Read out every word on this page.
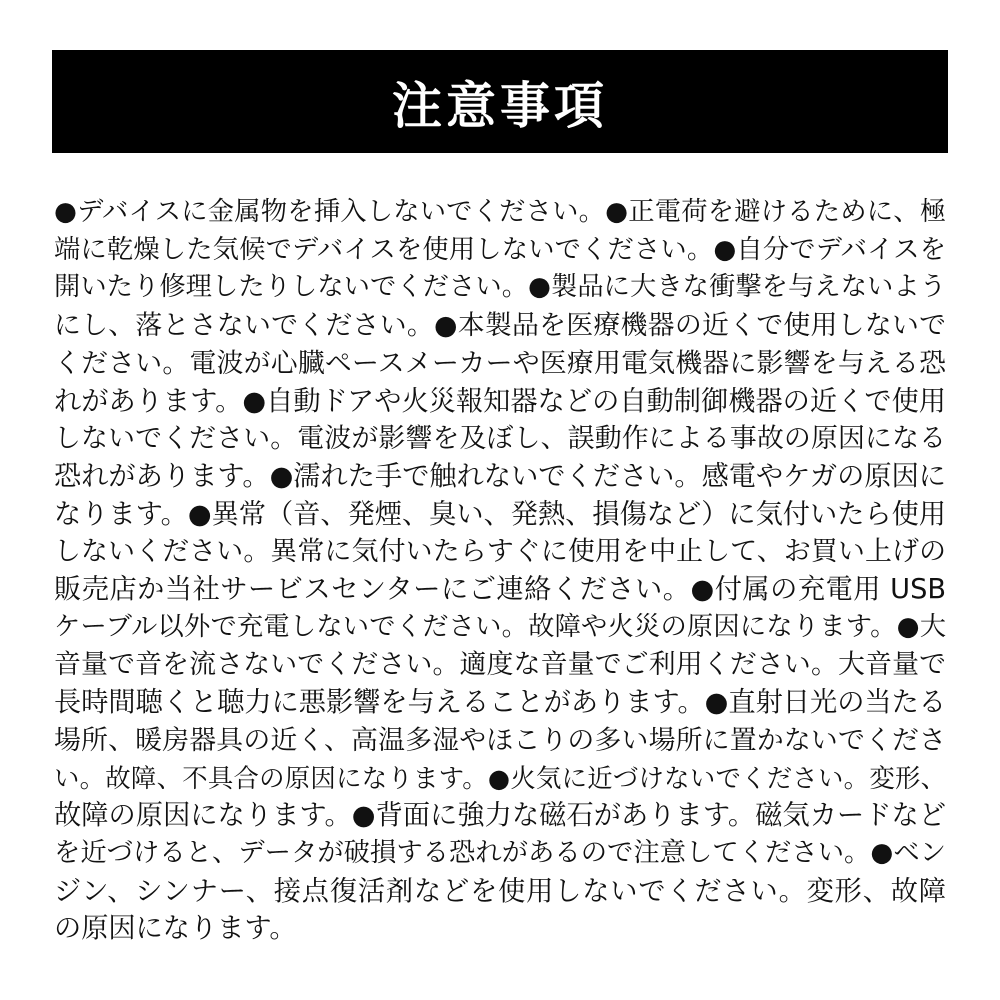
注意事項
●デバイスに金属物を挿入しないでください。●正電荷を避けるために、極
端に乾燥した気候でデバイスを使用しないでください。●自分でデバイスを
開いたり修理したりしないでください。●製品に大きな衝撃を与えないよう
にし、落とさないでください。●本製品を医療機器の近くで使用しないで
ください。電波が心臓ペースメーカーや医療用電気機器に影響を与える恐
れがあります。●自動ドアや火災報知器などの自動制御機器の近くで使用
しないでください。電波が影響を及ぼし、誤動作による事故の原因になる
恐れがあります。●濡れた手で触れないでください。感電やケガの原因に
なります。●異常（音、発煙、臭い、発熱、損傷など）に気付いたら使用
しないください。異常に気付いたらすぐに使用を中止して、お買い上げの
販売店か当社サービスセンターにご連絡ください。●付属の充電用 USB
ケーブル以外で充電しないでください。故障や火災の原因になります。●大
音量で音を流さないでください。適度な音量でご利用ください。大音量で
長時間聴くと聴力に悪影響を与えることがあります。●直射日光の当たる
場所、暖房器具の近く、高温多湿やほこりの多い場所に置かないでくださ
い。故障、不具合の原因になります。●火気に近づけないでください。変形、
故障の原因になります。●背面に強力な磁石があります。磁気カードなど
を近づけると、データが破損する恐れがあるので注意してください。●ベン
ジン、シンナー、接点復活剤などを使用しないでください。変形、故障
の原因になります。
